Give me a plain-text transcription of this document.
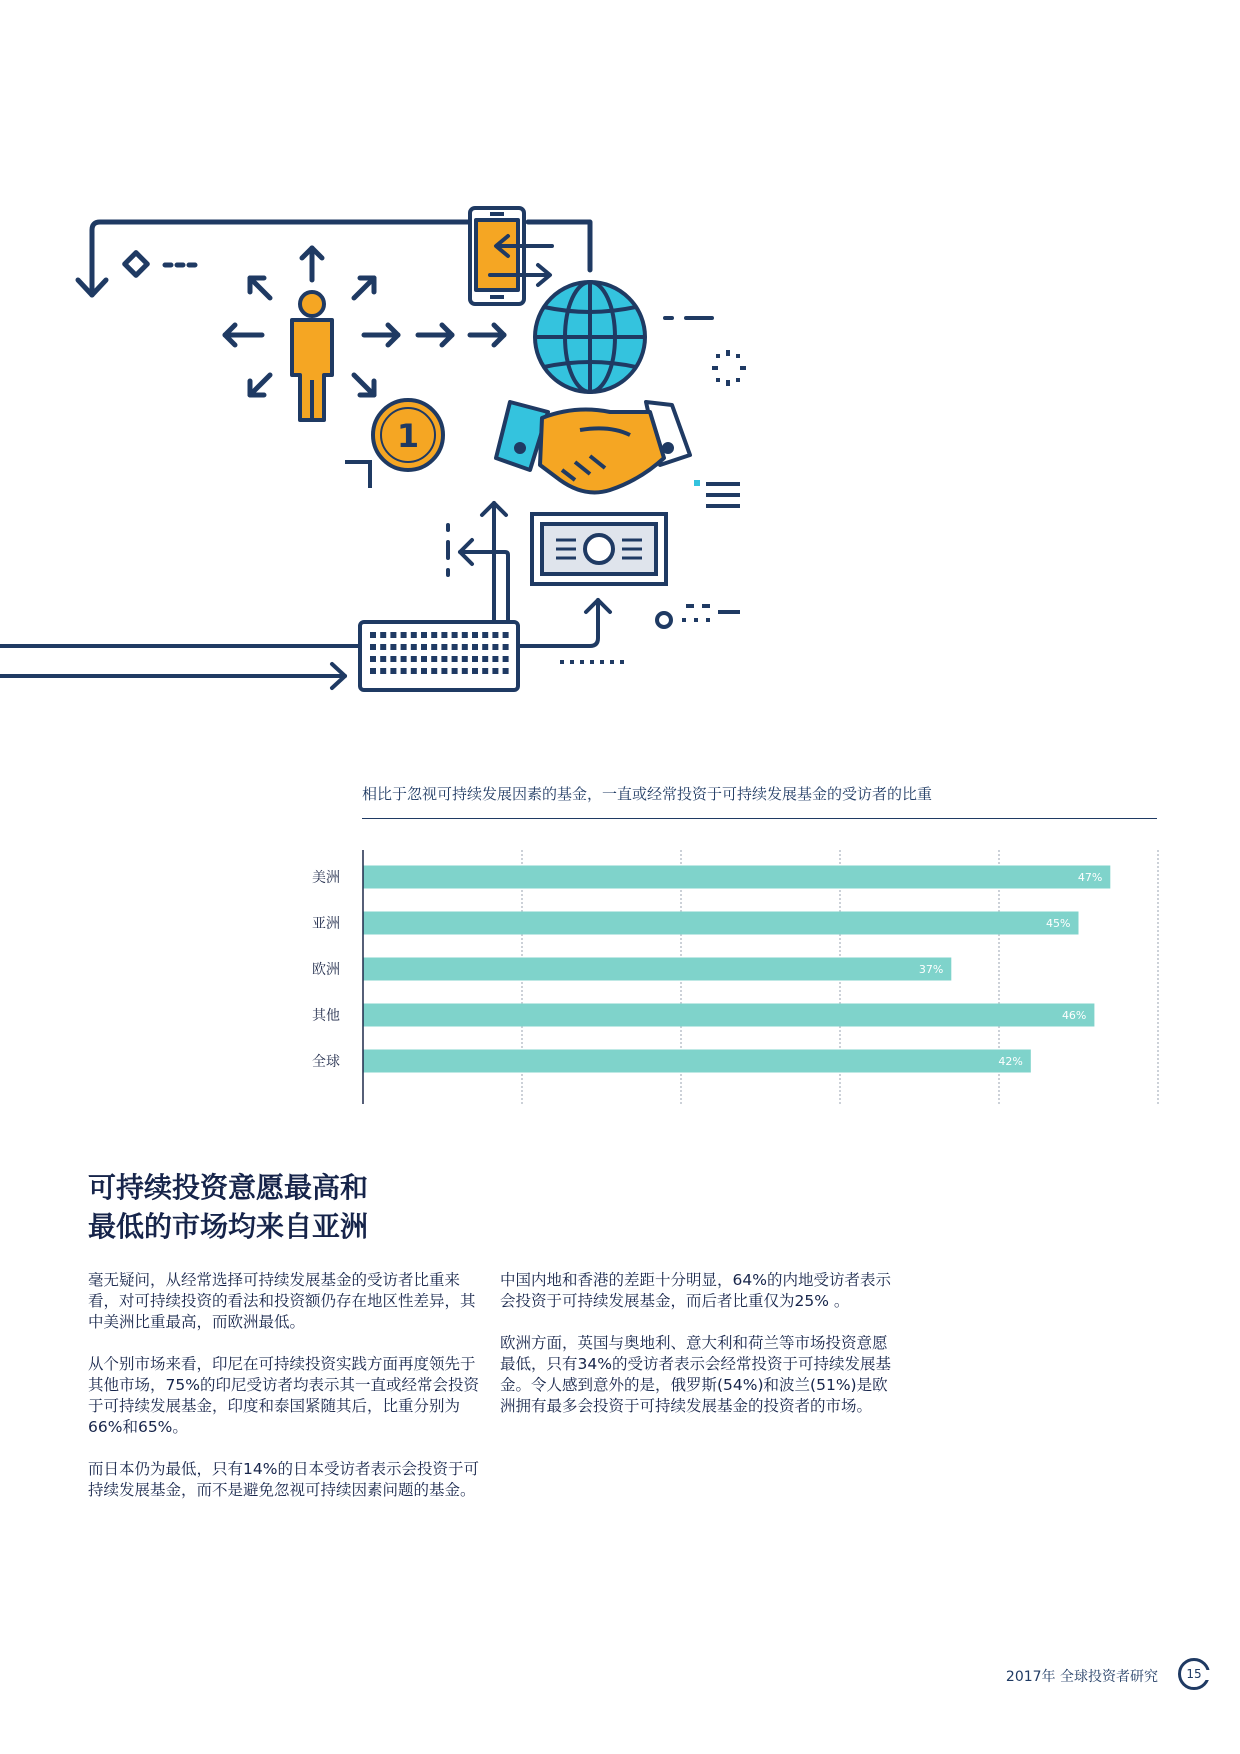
1
相比于忽视可持续发展因素的基金，一直或经常投资于可持续发展基金的受访者的比重
美洲	47%
亚洲	45%
欧洲	37%
其他	46%
全球	42%
可持续投资意愿最高和
最低的市场均来自亚洲

毫无疑问，从经常选择可持续发展基金的受访者比重来看，对可持续投资的看法和投资额仍存在地区性差异，其中美洲比重最高，而欧洲最低。

从个别市场来看，印尼在可持续投资实践方面再度领先于其他市场，75%的印尼受访者均表示其一直或经常会投资于可持续发展基金，印度和泰国紧随其后，比重分别为66%和65%。

而日本仍为最低，只有14%的日本受访者表示会投资于可持续发展基金，而不是避免忽视可持续因素问题的基金。

中国内地和香港的差距十分明显，64%的内地受访者表示会投资于可持续发展基金，而后者比重仅为25% 。

欧洲方面，英国与奥地利、意大利和荷兰等市场投资意愿最低，只有34%的受访者表示会经常投资于可持续发展基金。令人感到意外的是，俄罗斯(54%)和波兰(51%)是欧洲拥有最多会投资于可持续发展基金的投资者的市场。

2017年 全球投资者研究	15
